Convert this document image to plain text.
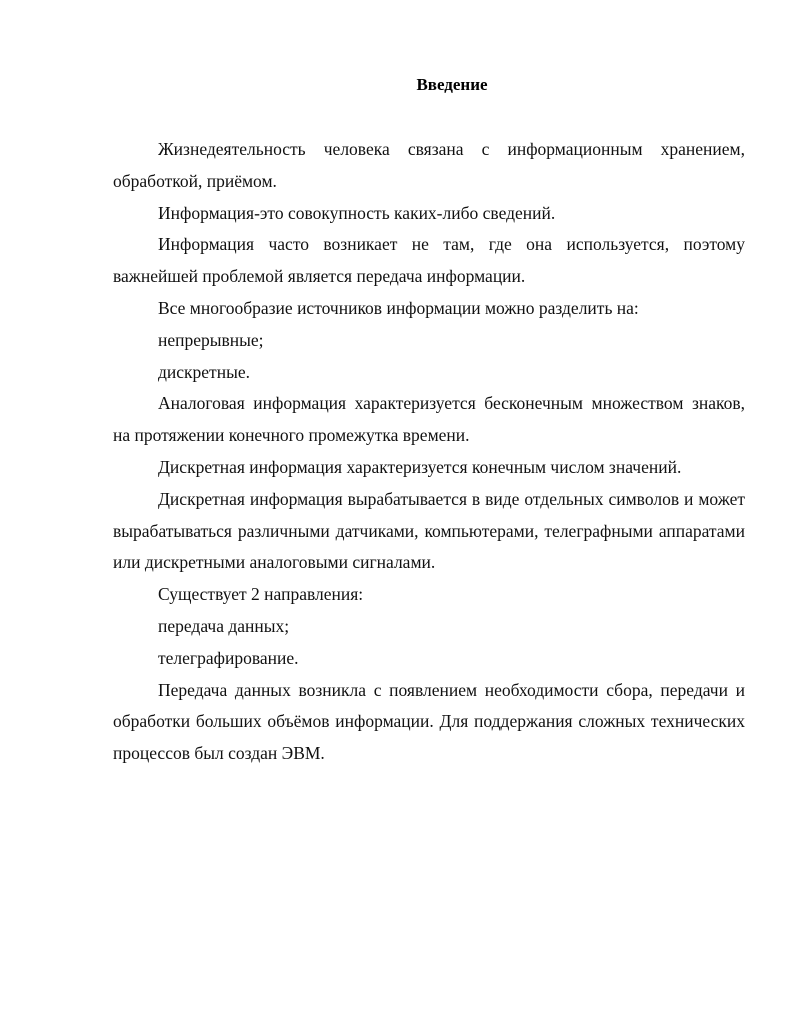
Введение

Жизнедеятельность человека связана с информационным хранением, обработкой, приёмом.

Информация-это совокупность каких-либо сведений.

Информация часто возникает не там, где она используется, поэтому важнейшей проблемой является передача информации.

Все многообразие источников информации можно разделить на:

непрерывные;

дискретные.

Аналоговая информация характеризуется бесконечным множеством знаков, на протяжении конечного промежутка времени.

Дискретная информация характеризуется конечным числом значений.

Дискретная информация вырабатывается в виде отдельных символов и может вырабатываться различными датчиками, компьютерами, телеграфными аппаратами или дискретными аналоговыми сигналами.

Существует 2 направления:

передача данных;

телеграфирование.

Передача данных возникла с появлением необходимости сбора, передачи и обработки больших объёмов информации. Для поддержания сложных технических процессов был создан ЭВМ.
